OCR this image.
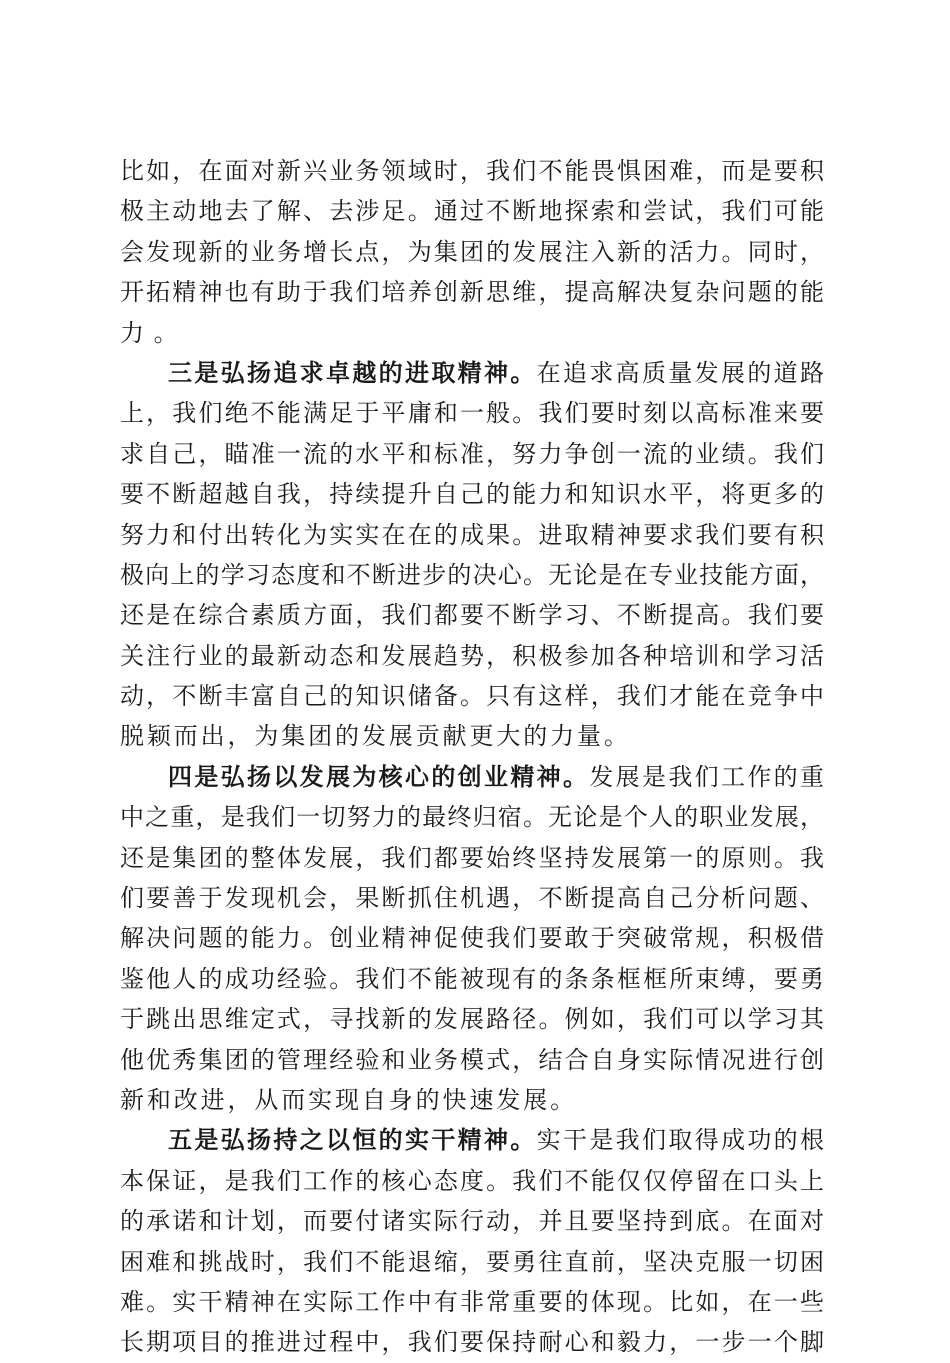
比如，在面对新兴业务领域时，我们不能畏惧困难，而是要积
极主动地去了解、去涉足。通过不断地探索和尝试，我们可能
会发现新的业务增长点，为集团的发展注入新的活力。同时，
开拓精神也有助于我们培养创新思维，提高解决复杂问题的能
力。
三是弘扬追求卓越的进取精神。在追求高质量发展的道路
上，我们绝不能满足于平庸和一般。我们要时刻以高标准来要
求自己，瞄准一流的水平和标准，努力争创一流的业绩。我们
要不断超越自我，持续提升自己的能力和知识水平，将更多的
努力和付出转化为实实在在的成果。进取精神要求我们要有积
极向上的学习态度和不断进步的决心。无论是在专业技能方面，
还是在综合素质方面，我们都要不断学习、不断提高。我们要
关注行业的最新动态和发展趋势，积极参加各种培训和学习活
动，不断丰富自己的知识储备。只有这样，我们才能在竞争中
脱颖而出，为集团的发展贡献更大的力量。
四是弘扬以发展为核心的创业精神。发展是我们工作的重
中之重，是我们一切努力的最终归宿。无论是个人的职业发展，
还是集团的整体发展，我们都要始终坚持发展第一的原则。我
们要善于发现机会，果断抓住机遇，不断提高自己分析问题、
解决问题的能力。创业精神促使我们要敢于突破常规，积极借
鉴他人的成功经验。我们不能被现有的条条框框所束缚，要勇
于跳出思维定式，寻找新的发展路径。例如，我们可以学习其
他优秀集团的管理经验和业务模式，结合自身实际情况进行创
新和改进，从而实现自身的快速发展。
五是弘扬持之以恒的实干精神。实干是我们取得成功的根
本保证，是我们工作的核心态度。我们不能仅仅停留在口头上
的承诺和计划，而要付诸实际行动，并且要坚持到底。在面对
困难和挑战时，我们不能退缩，要勇往直前，坚决克服一切困
难。实干精神在实际工作中有非常重要的体现。比如，在一些
长期项目的推进过程中，我们要保持耐心和毅力，一步一个脚
